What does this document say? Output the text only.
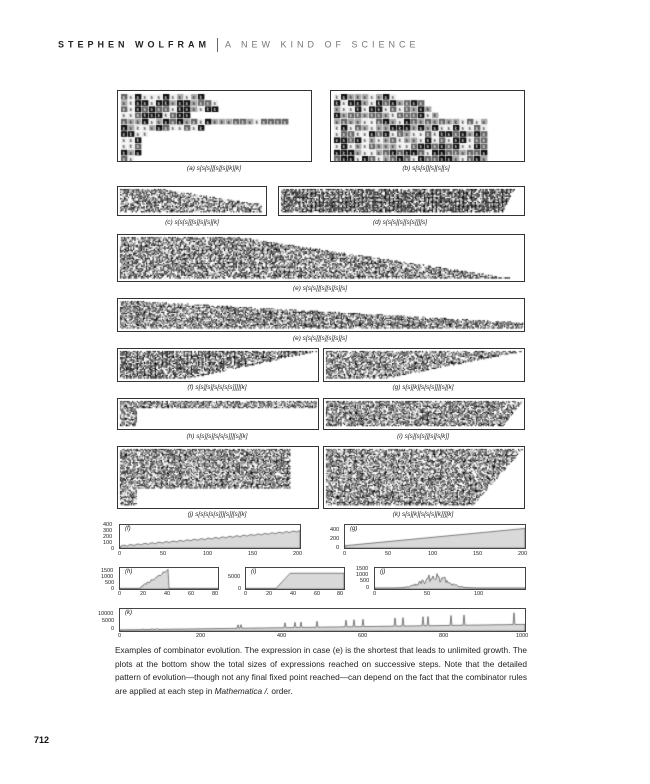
STEPHEN WOLFRAM A NEW KIND OF SCIENCE
(a) s[s[s]][s][s][k][k]	(b) s[s[s]][s][s][s]
(c) s[s[s]][s][s][s][k]	(d) s[s[s][s][s[s]]][s]
(e) s[s[s]][s][s][s][s]
(e) s[s[s]][s][s][s][s]
(f) s[s][s][s[s[s[s]]]][k]	(g) s[s][k][s[s[s]]][s][k]
(h) s[s][s][s[s[s]]][s][k]	(i) s[s][s[s]][s][s[k]]
(j) s[s[s[s[s]]][s]][s][k]	(k) s[s][k][s[s[s][k]]][k]
(f)	(g)
(h)	(i)	(j)
(k)
Examples of combinator evolution. The expression in case (e) is the shortest that leads to unlimited growth. The plots at the bottom show the total sizes of expressions reached on successive steps. Note that the detailed pattern of evolution—though not any final fixed point reached—can depend on the fact that the combinator rules are applied at each step in Mathematica /. order.
712
400
300
200
100
0
0	50	100	150	200
400
200
0
0	50	100	150	200
1500
1000
500
0
0	20	40	60	80
5000
0
0	20	40	60	80
1500
1000
500
0
0	50	100
10000
5000
0
0	200	400	600	800	1000
